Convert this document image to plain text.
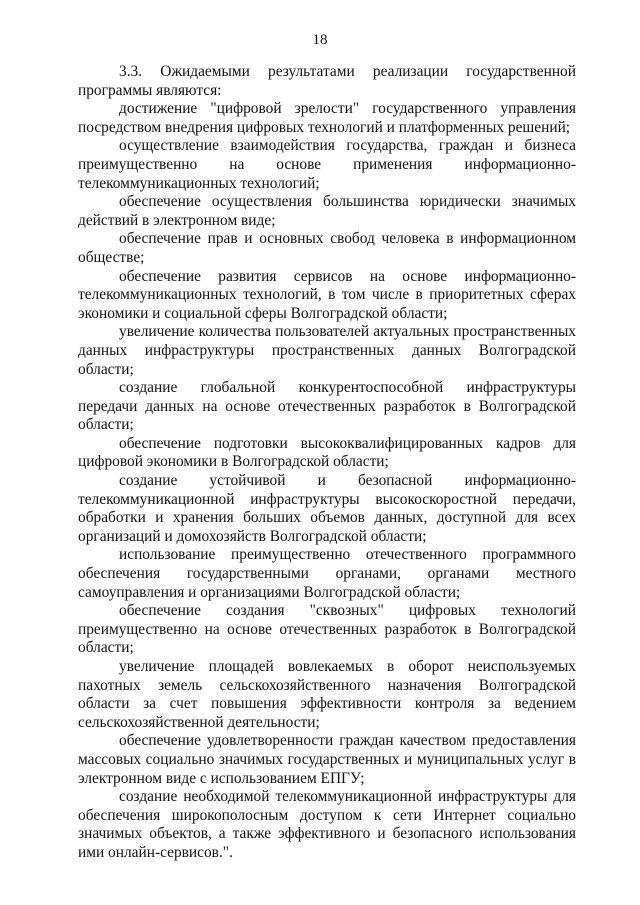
18

3.3. Ожидаемыми результатами реализации государственной программы являются:

достижение "цифровой зрелости" государственного управления посредством внедрения цифровых технологий и платформенных решений;

осуществление взаимодействия государства, граждан и бизнеса преимущественно на основе применения информационно-телекоммуникационных технологий;

обеспечение осуществления большинства юридически значимых действий в электронном виде;

обеспечение прав и основных свобод человека в информационном обществе;

обеспечение развития сервисов на основе информационно-телекоммуникационных технологий, в том числе в приоритетных сферах экономики и социальной сферы Волгоградской области;

увеличение количества пользователей актуальных пространственных данных инфраструктуры пространственных данных Волгоградской области;

создание глобальной конкурентоспособной инфраструктуры передачи данных на основе отечественных разработок в Волгоградской области;

обеспечение подготовки высококвалифицированных кадров для цифровой экономики в Волгоградской области;

создание устойчивой и безопасной информационно-телекоммуникационной инфраструктуры высокоскоростной передачи, обработки и хранения больших объемов данных, доступной для всех организаций и домохозяйств Волгоградской области;

использование преимущественно отечественного программного обеспечения государственными органами, органами местного самоуправления и организациями Волгоградской области;

обеспечение создания "сквозных" цифровых технологий преимущественно на основе отечественных разработок в Волгоградской области;

увеличение площадей вовлекаемых в оборот неиспользуемых пахотных земель сельскохозяйственного назначения Волгоградской области за счет повышения эффективности контроля за ведением сельскохозяйственной деятельности;

обеспечение удовлетворенности граждан качеством предоставления массовых социально значимых государственных и муниципальных услуг в электронном виде с использованием ЕПГУ;

создание необходимой телекоммуникационной инфраструктуры для обеспечения широкополосным доступом к сети Интернет социально значимых объектов, а также эффективного и безопасного использования ими онлайн-сервисов.".
